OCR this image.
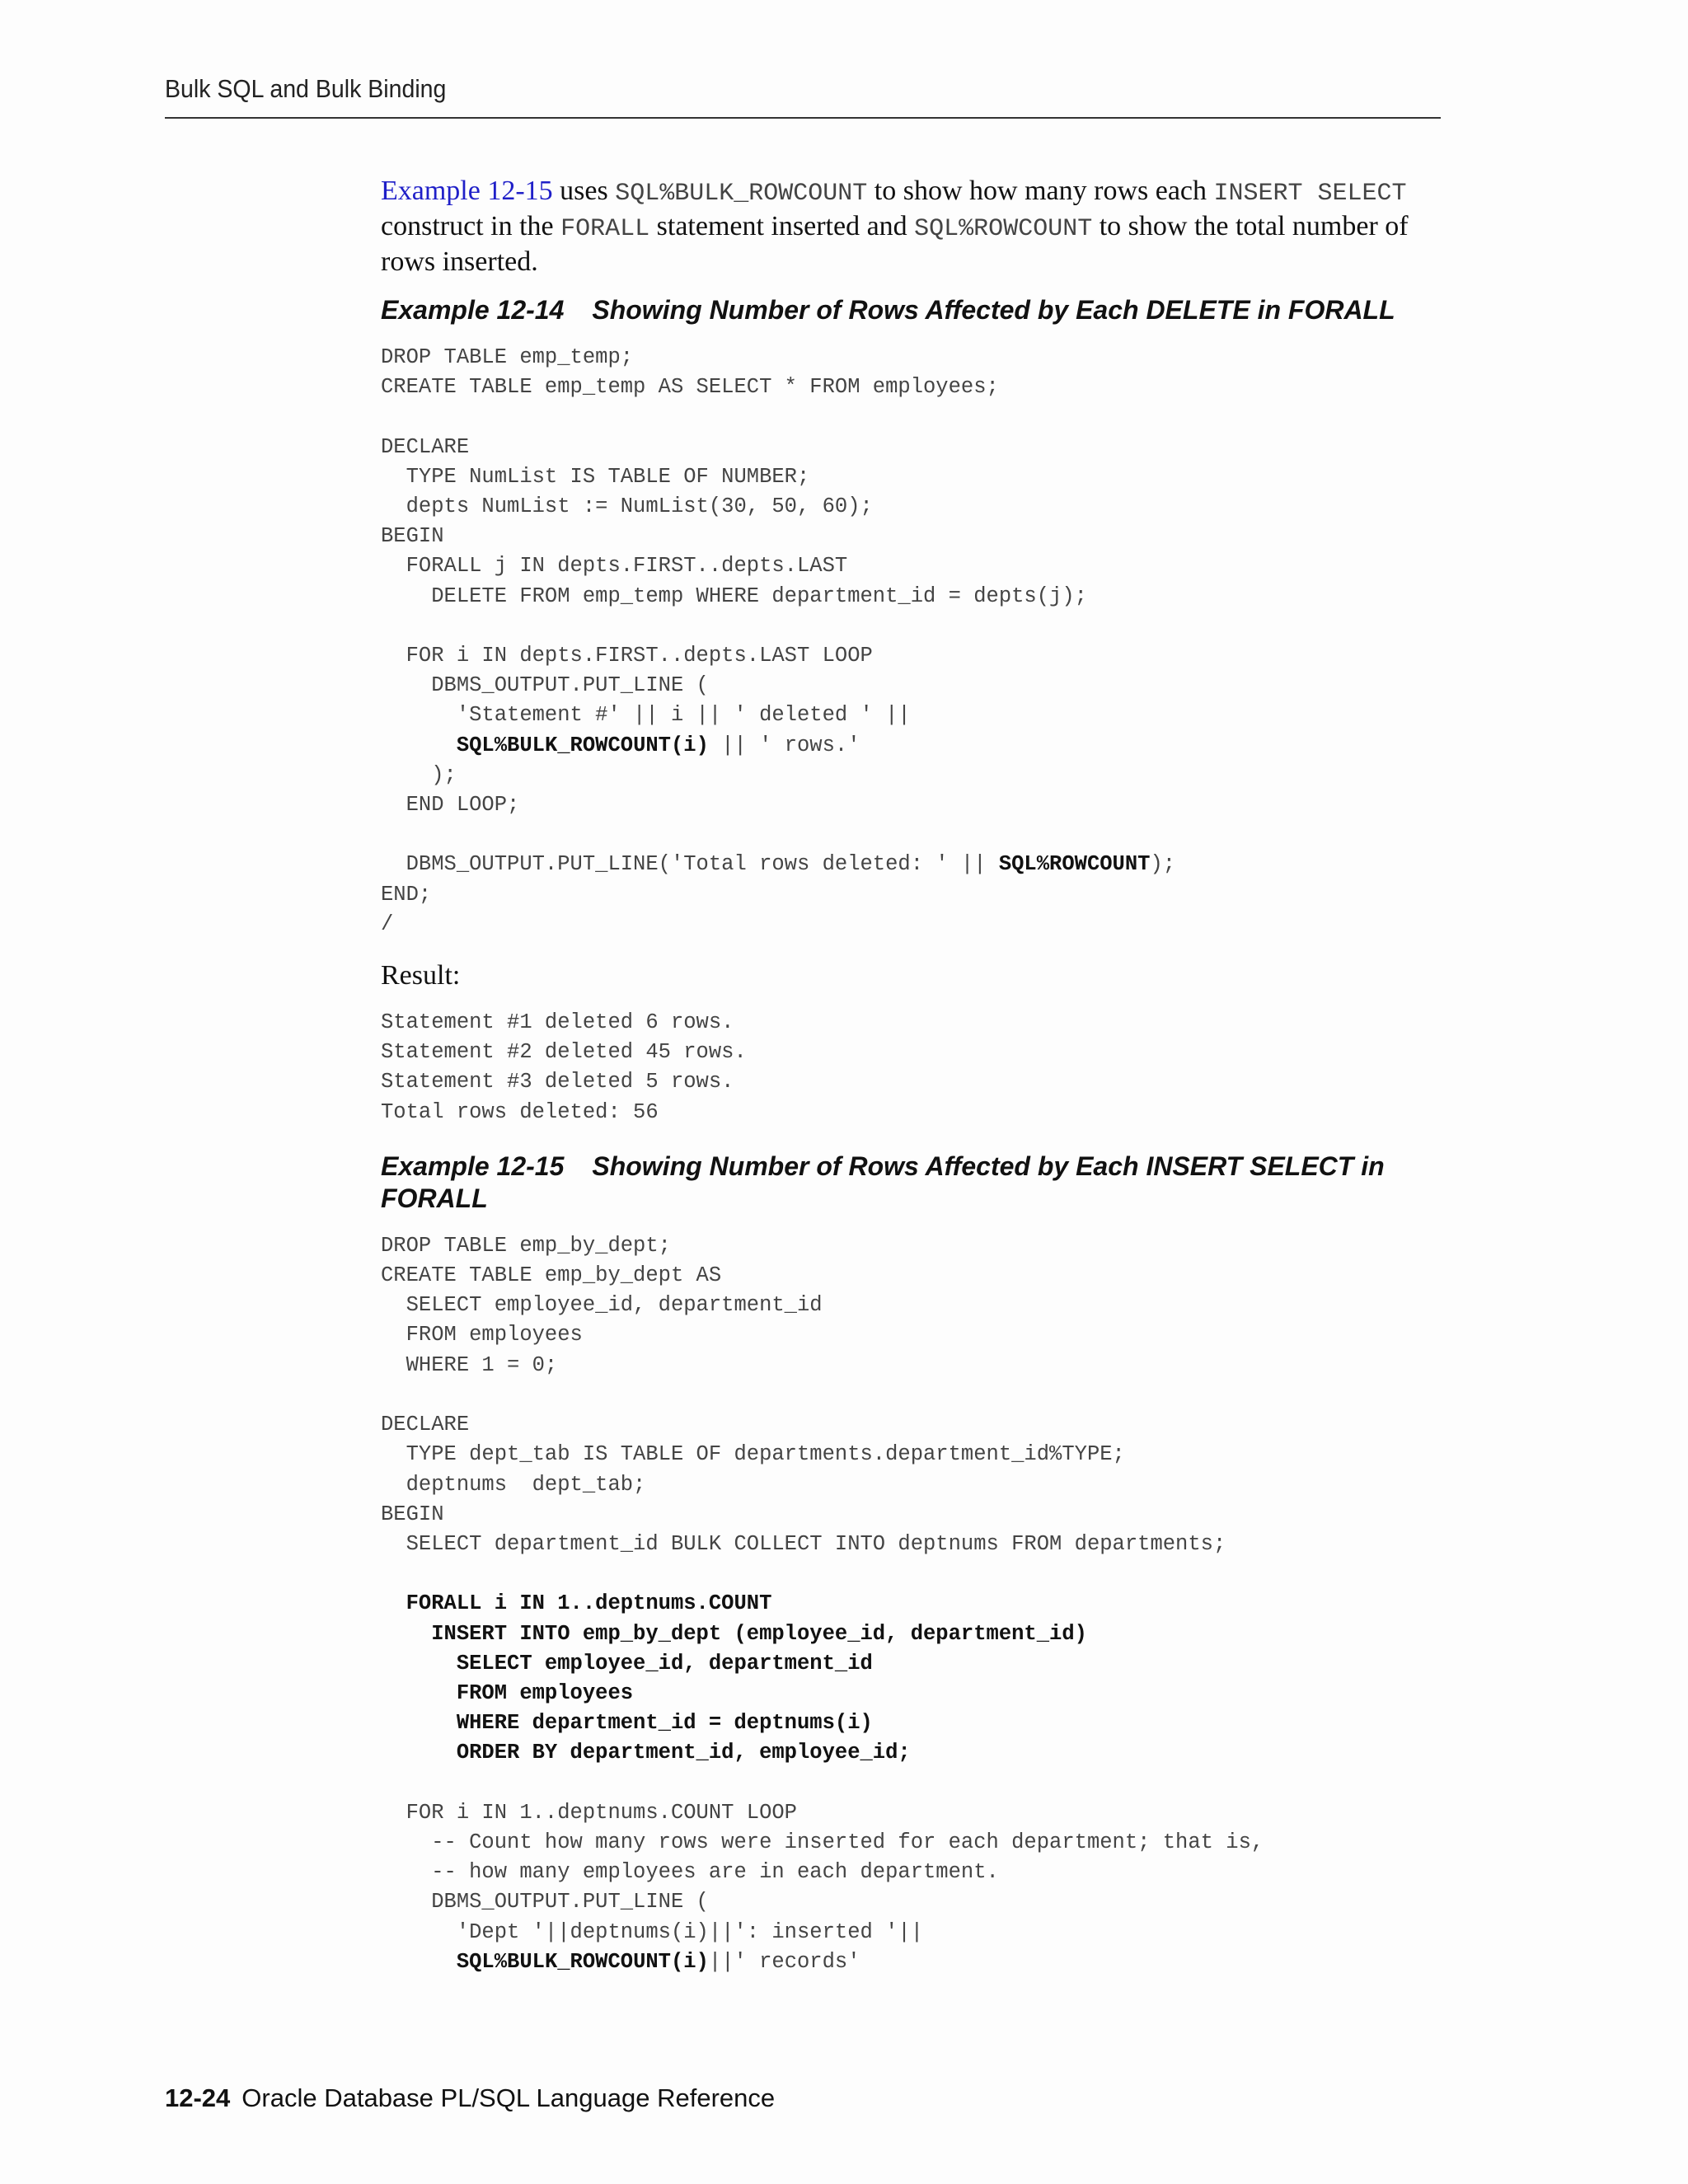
Bulk SQL and Bulk Binding

Example 12-15 uses SQL%BULK_ROWCOUNT to show how many rows each INSERT SELECT construct in the FORALL statement inserted and SQL%ROWCOUNT to show the total number of rows inserted.

Example 12-14 Showing Number of Rows Affected by Each DELETE in FORALL

DROP TABLE emp_temp;
CREATE TABLE emp_temp AS SELECT * FROM employees;

DECLARE
TYPE NumList IS TABLE OF NUMBER;
depts NumList := NumList(30, 50, 60);
BEGIN
FORALL j IN depts.FIRST..depts.LAST
DELETE FROM emp_temp WHERE department_id = depts(j);

FOR i IN depts.FIRST..depts.LAST LOOP
DBMS_OUTPUT.PUT_LINE (
'Statement #' || i || ' deleted ' ||
SQL%BULK_ROWCOUNT(i) || ' rows.'
);
END LOOP;

DBMS_OUTPUT.PUT_LINE('Total rows deleted: ' || SQL%ROWCOUNT);
END;
/

Result:

Statement #1 deleted 6 rows.
Statement #2 deleted 45 rows.
Statement #3 deleted 5 rows.
Total rows deleted: 56

Example 12-15 Showing Number of Rows Affected by Each INSERT SELECT in FORALL

DROP TABLE emp_by_dept;
CREATE TABLE emp_by_dept AS
SELECT employee_id, department_id
FROM employees
WHERE 1 = 0;

DECLARE
TYPE dept_tab IS TABLE OF departments.department_id%TYPE;
deptnums  dept_tab;
BEGIN
SELECT department_id BULK COLLECT INTO deptnums FROM departments;

FORALL i IN 1..deptnums.COUNT
INSERT INTO emp_by_dept (employee_id, department_id)
SELECT employee_id, department_id
FROM employees
WHERE department_id = deptnums(i)
ORDER BY department_id, employee_id;

FOR i IN 1..deptnums.COUNT LOOP
-- Count how many rows were inserted for each department; that is,
-- how many employees are in each department.
DBMS_OUTPUT.PUT_LINE (
'Dept '||deptnums(i)||': inserted '||
SQL%BULK_ROWCOUNT(i)||' records'
12-24 Oracle Database PL/SQL Language Reference
